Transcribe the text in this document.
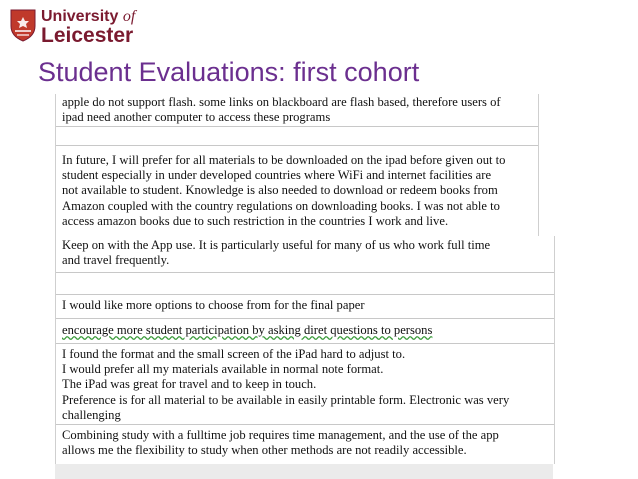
University of
Leicester
Student Evaluations: first cohort
apple do not support flash. some links on blackboard are flash based, therefore users of
ipad need another computer to access these programs
In future, I will prefer for all materials to be downloaded on the ipad before given out to
student especially in under developed countries where WiFi and internet facilities are
not available to student. Knowledge is also needed to download or redeem books from
Amazon coupled with the country regulations on downloading books. I was not able to
access amazon books due to such restriction in the countries I work and live.
Keep on with the App use. It is particularly useful for many of us who work full time
and travel frequently.
I would like more options to choose from for the final paper
encourage more student participation by asking diret questions to persons
I found the format and the small screen of the iPad hard to adjust to.
I would prefer all my materials available in normal note format.
The iPad was great for travel and to keep in touch.
Preference is for all material to be available in easily printable form. Electronic was very
challenging
Combining study with a fulltime job requires time management, and the use of the app
allows me the flexibility to study when other methods are not readily accessible.
